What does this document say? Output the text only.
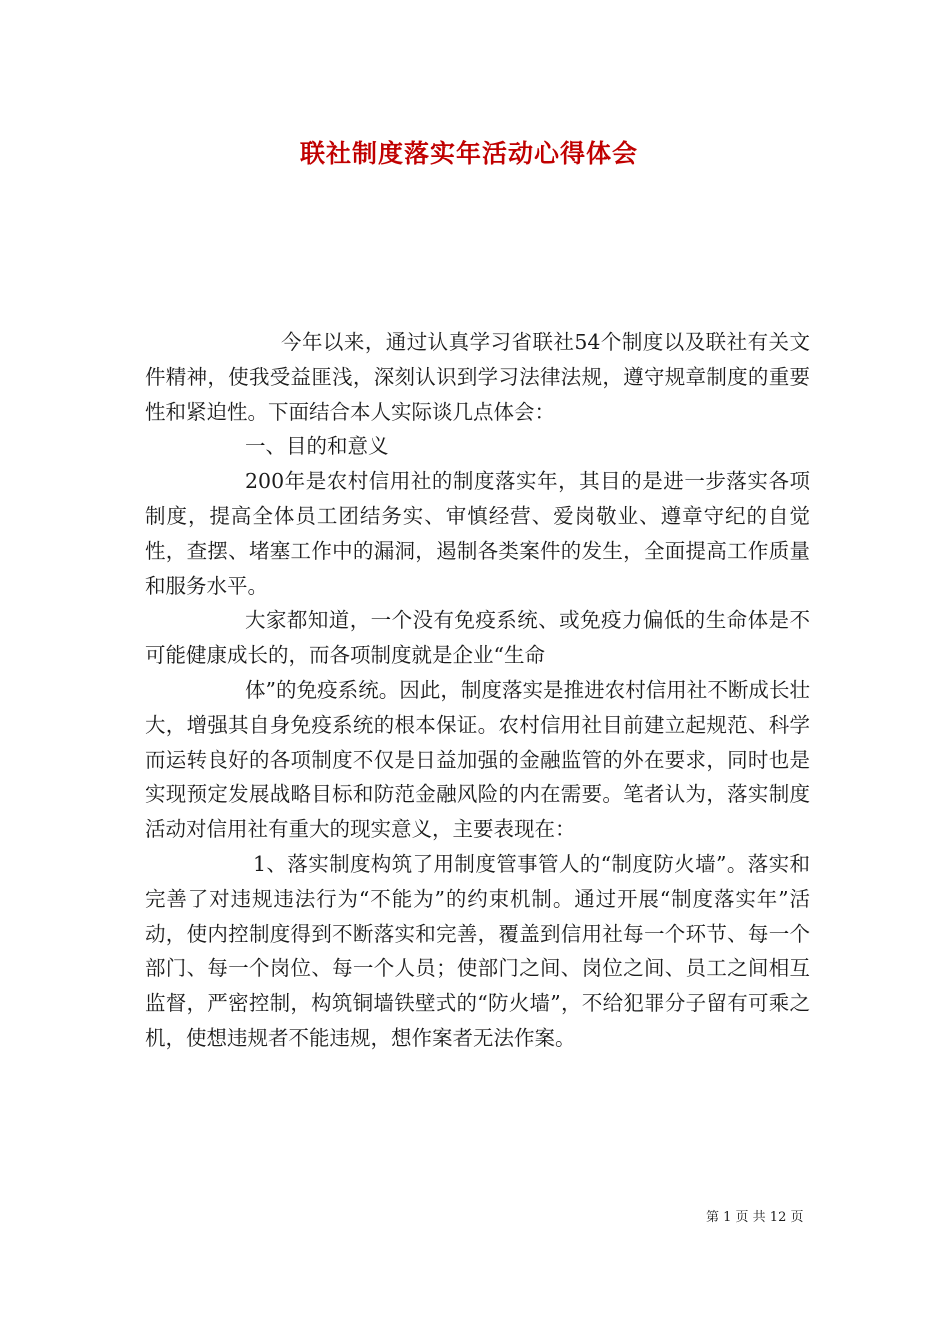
联社制度落实年活动心得体会

今年以来，通过认真学习省联社54个制度以及联社有关文件精神，使我受益匪浅，深刻认识到学习法律法规，遵守规章制度的重要性和紧迫性。下面结合本人实际谈几点体会：

一、目的和意义

200年是农村信用社的制度落实年，其目的是进一步落实各项制度，提高全体员工团结务实、审慎经营、爱岗敬业、遵章守纪的自觉性，查摆、堵塞工作中的漏洞，遏制各类案件的发生，全面提高工作质量和服务水平。

大家都知道，一个没有免疫系统、或免疫力偏低的生命体是不可能健康成长的，而各项制度就是企业“生命

体”的免疫系统。因此，制度落实是推进农村信用社不断成长壮大，增强其自身免疫系统的根本保证。农村信用社目前建立起规范、科学而运转良好的各项制度不仅是日益加强的金融监管的外在要求，同时也是实现预定发展战略目标和防范金融风险的内在需要。笔者认为，落实制度活动对信用社有重大的现实意义，主要表现在：

1、落实制度构筑了用制度管事管人的“制度防火墙”。落实和完善了对违规违法行为“不能为”的约束机制。通过开展“制度落实年”活动，使内控制度得到不断落实和完善，覆盖到信用社每一个环节、每一个部门、每一个岗位、每一个人员；使部门之间、岗位之间、员工之间相互监督，严密控制，构筑铜墙铁壁式的“防火墙”，不给犯罪分子留有可乘之机，使想违规者不能违规，想作案者无法作案。

第 1 页 共 12 页
